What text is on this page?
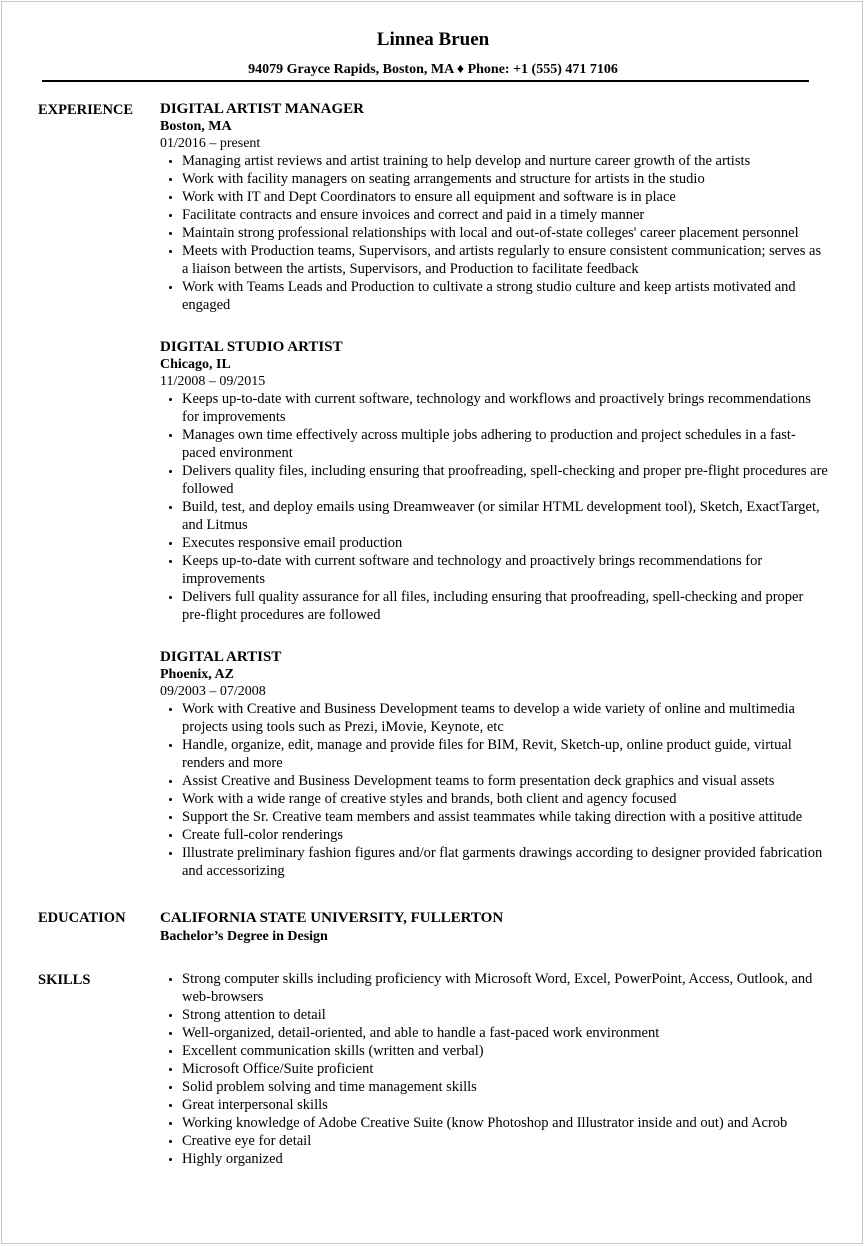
Linnea Bruen
94079 Grayce Rapids, Boston, MA ♦ Phone: +1 (555) 471 7106
EXPERIENCE DIGITAL ARTIST MANAGER
Boston, MA
01/2016 – present
• Managing artist reviews and artist training to help develop and nurture career growth of the artists
• Work with facility managers on seating arrangements and structure for artists in the studio
• Work with IT and Dept Coordinators to ensure all equipment and software is in place
• Facilitate contracts and ensure invoices and correct and paid in a timely manner
• Maintain strong professional relationships with local and out-of-state colleges' career placement personnel
• Meets with Production teams, Supervisors, and artists regularly to ensure consistent communication; serves as a liaison between the artists, Supervisors, and Production to facilitate feedback
• Work with Teams Leads and Production to cultivate a strong studio culture and keep artists motivated and engaged
DIGITAL STUDIO ARTIST
Chicago, IL
11/2008 – 09/2015
• Keeps up-to-date with current software, technology and workflows and proactively brings recommendations for improvements
• Manages own time effectively across multiple jobs adhering to production and project schedules in a fast-paced environment
• Delivers quality files, including ensuring that proofreading, spell-checking and proper pre-flight procedures are followed
• Build, test, and deploy emails using Dreamweaver (or similar HTML development tool), Sketch, ExactTarget, and Litmus
• Executes responsive email production
• Keeps up-to-date with current software and technology and proactively brings recommendations for improvements
• Delivers full quality assurance for all files, including ensuring that proofreading, spell-checking and proper pre-flight procedures are followed
DIGITAL ARTIST
Phoenix, AZ
09/2003 – 07/2008
• Work with Creative and Business Development teams to develop a wide variety of online and multimedia projects using tools such as Prezi, iMovie, Keynote, etc
• Handle, organize, edit, manage and provide files for BIM, Revit, Sketch-up, online product guide, virtual renders and more
• Assist Creative and Business Development teams to form presentation deck graphics and visual assets
• Work with a wide range of creative styles and brands, both client and agency focused
• Support the Sr. Creative team members and assist teammates while taking direction with a positive attitude
• Create full-color renderings
• Illustrate preliminary fashion figures and/or flat garments drawings according to designer provided fabrication and accessorizing
EDUCATION CALIFORNIA STATE UNIVERSITY, FULLERTON
Bachelor’s Degree in Design
SKILLS
•	Strong computer skills including proficiency with Microsoft Word, Excel, PowerPoint, Access, Outlook, and web-browsers
• Strong attention to detail
• Well-organized, detail-oriented, and able to handle a fast-paced work environment
• Excellent communication skills (written and verbal)
• Microsoft Office/Suite proficient
• Solid problem solving and time management skills
• Great interpersonal skills
• Working knowledge of Adobe Creative Suite (know Photoshop and Illustrator inside and out) and Acrob
• Creative eye for detail
• Highly organized
